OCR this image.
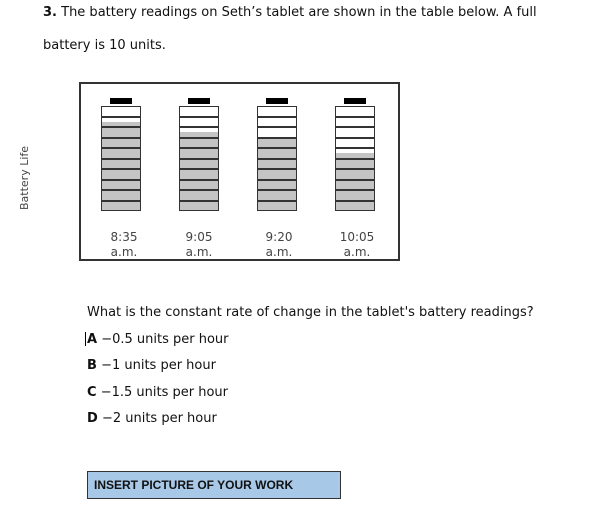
3. The battery readings on Seth’s tablet are shown in the table below. A full
battery is 10 units.
Battery Life
8:35
a.m.
9:05
a.m.
9:20
a.m.
10:05
a.m.
What is the constant rate of change in the tablet's battery readings?
A −0.5 units per hour
B −1 units per hour
C −1.5 units per hour
D −2 units per hour
INSERT PICTURE OF YOUR WORK
